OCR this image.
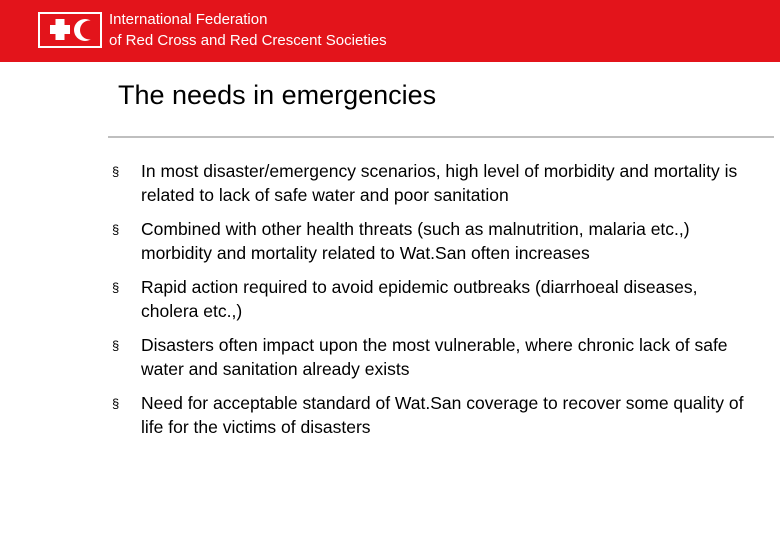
International Federation
of Red Cross and Red Crescent Societies
The needs in emergencies
§ In most disaster/emergency scenarios, high level of morbidity and mortality is related to lack of safe water and poor sanitation
§ Combined with other health threats (such as malnutrition, malaria etc.,) morbidity and mortality related to Wat.San often increases
§ Rapid action required to avoid epidemic outbreaks (diarrhoeal diseases, cholera etc.,)
§ Disasters often impact upon the most vulnerable, where chronic lack of safe water and sanitation already exists
§ Need for acceptable standard of Wat.San coverage to recover some quality of life for the victims of disasters
